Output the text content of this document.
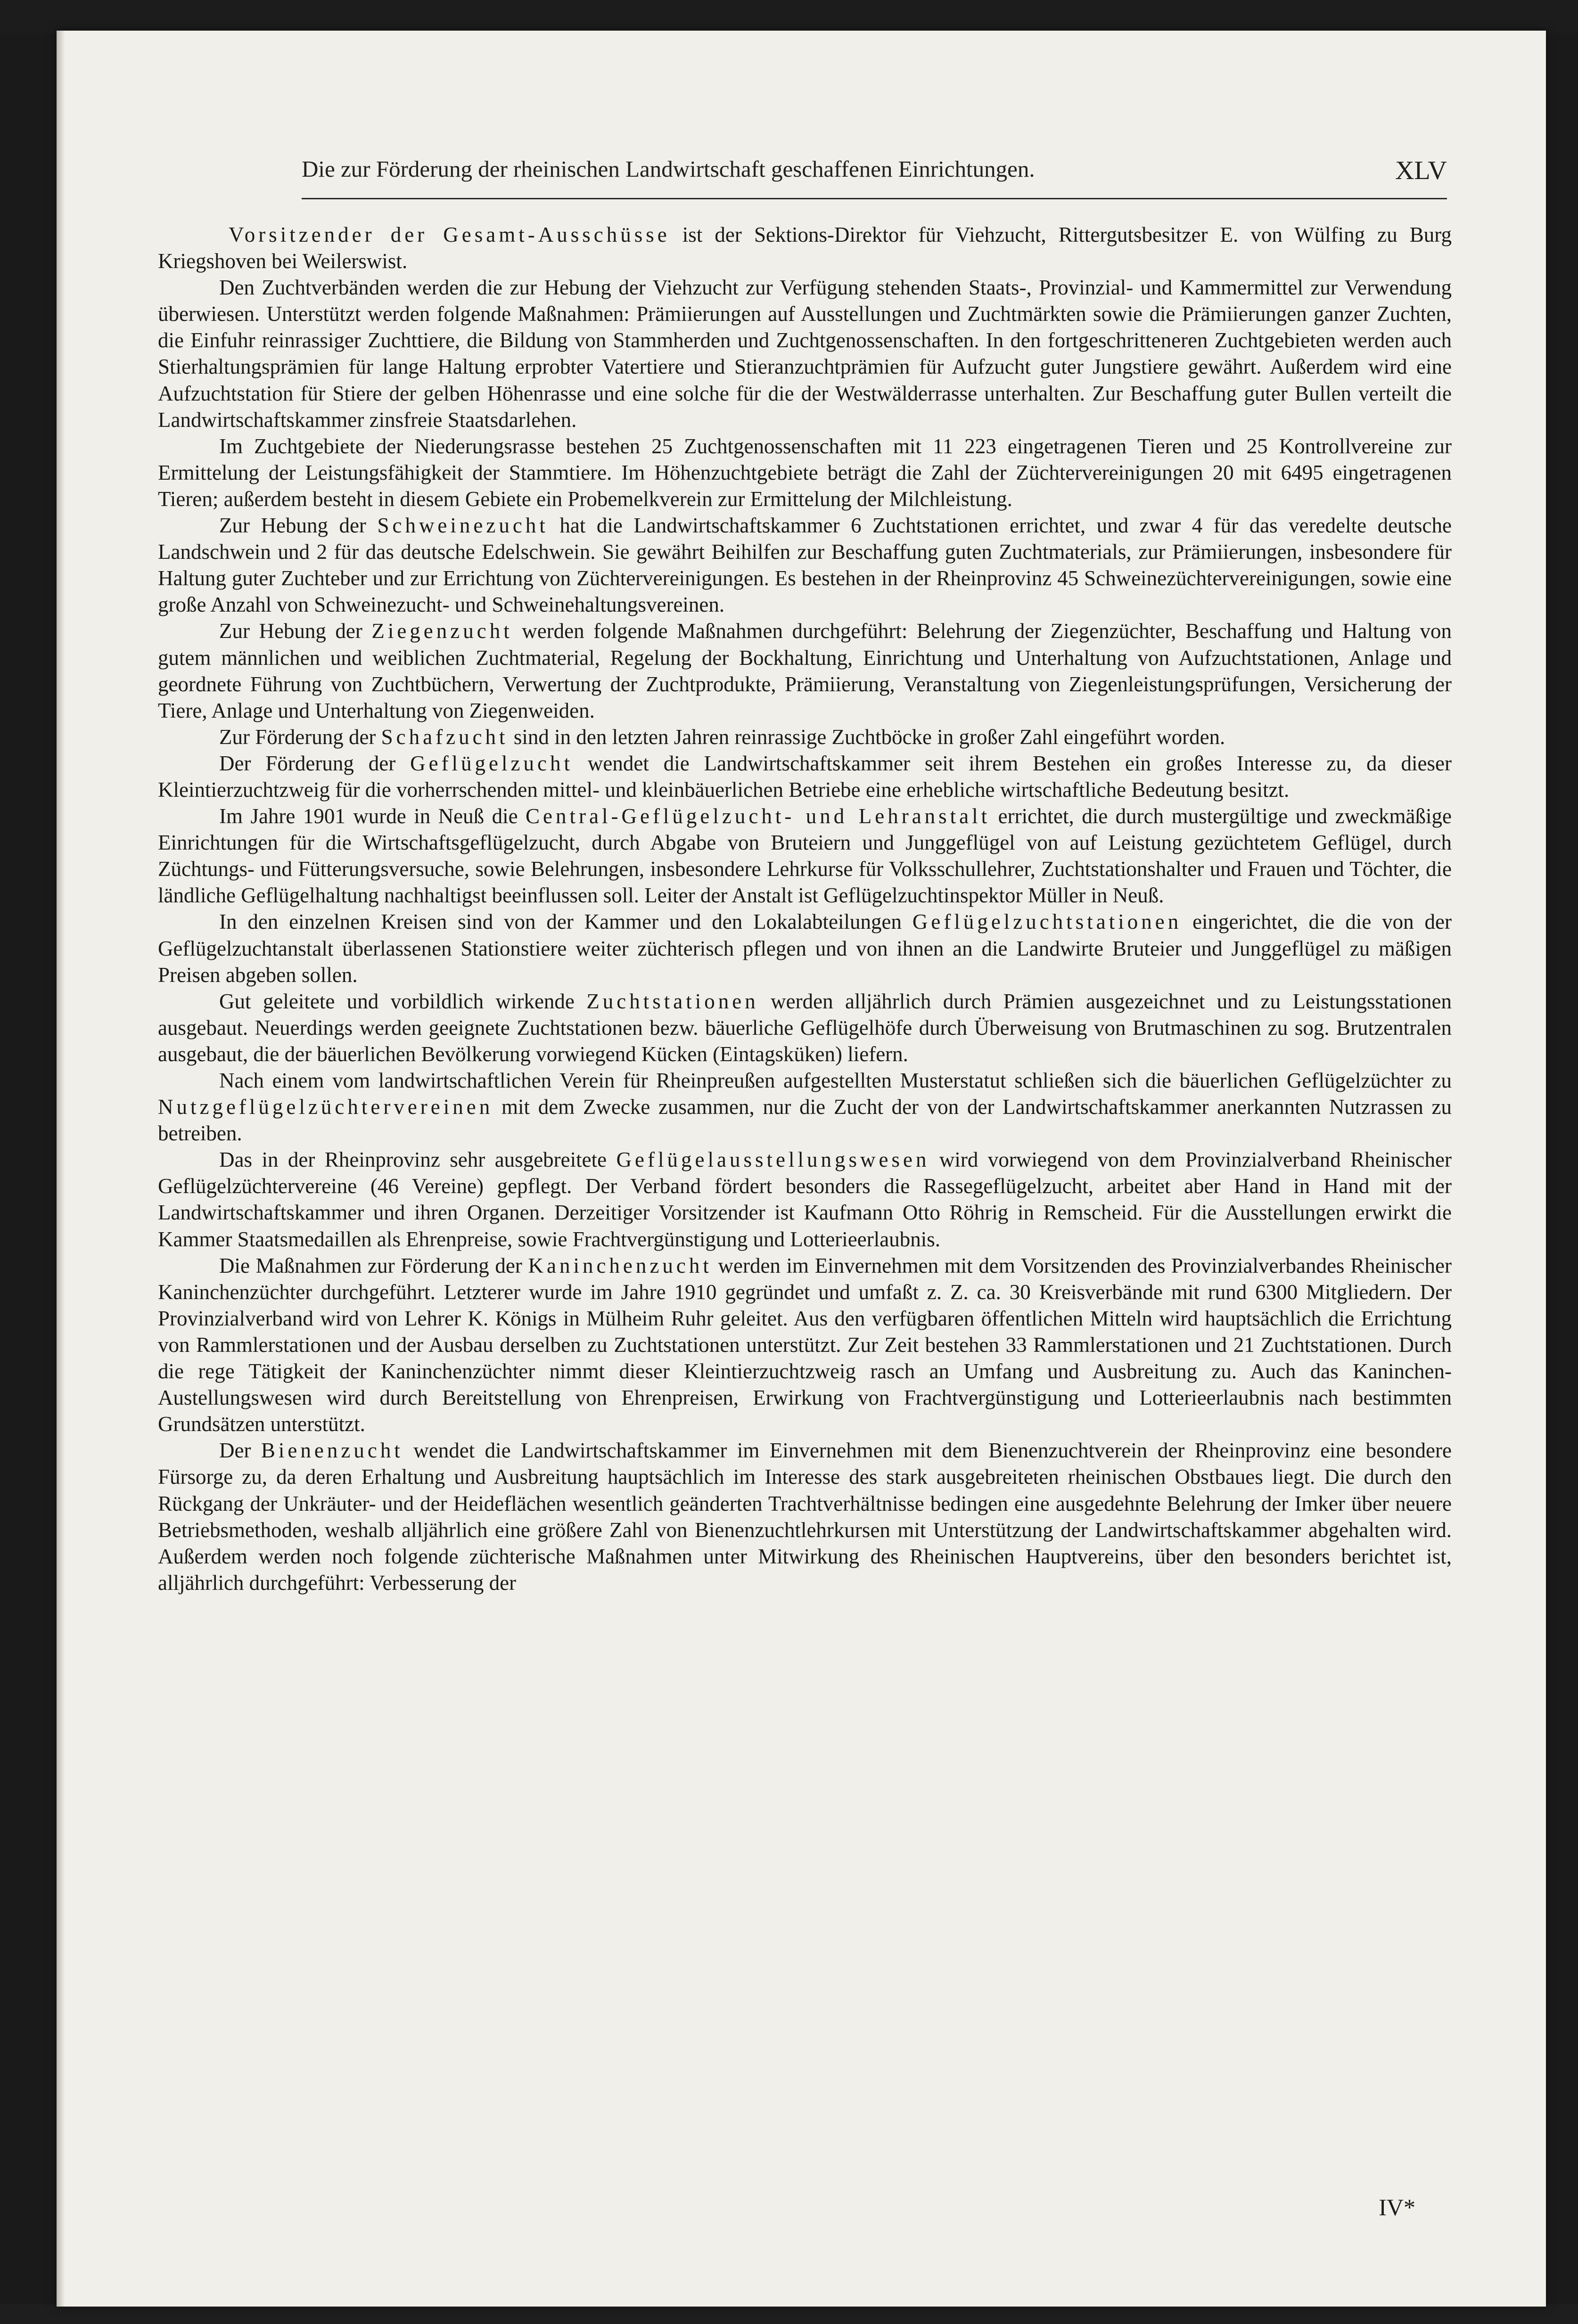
Die zur Förderung der rheinischen Landwirtschaft geschaffenen Einrichtungen.	XLV

Vorsitzender der Gesamt-Ausschüsse ist der Sektions-Direktor für Viehzucht, Rittergutsbesitzer E. von Wülfing zu Burg Kriegshoven bei Weilerswist.

Den Zuchtverbänden werden die zur Hebung der Viehzucht zur Verfügung stehenden Staats-, Provinzial- und Kammermittel zur Verwendung überwiesen. Unterstützt werden folgende Maßnahmen: Prämiierungen auf Ausstellungen und Zuchtmärkten sowie die Prämiierungen ganzer Zuchten, die Einfuhr reinrassiger Zuchttiere, die Bildung von Stammherden und Zuchtgenossenschaften. In den fortgeschritteneren Zuchtgebieten werden auch Stierhaltungsprämien für lange Haltung erprobter Vatertiere und Stieranzuchtprämien für Aufzucht guter Jungstiere gewährt. Außerdem wird eine Aufzuchtstation für Stiere der gelben Höhenrasse und eine solche für die der Westwälderrasse unterhalten. Zur Beschaffung guter Bullen verteilt die Landwirtschaftskammer zinsfreie Staatsdarlehen.

Im Zuchtgebiete der Niederungsrasse bestehen 25 Zuchtgenossenschaften mit 11 223 eingetragenen Tieren und 25 Kontrollvereine zur Ermittelung der Leistungsfähigkeit der Stammtiere. Im Höhenzuchtgebiete beträgt die Zahl der Züchtervereinigungen 20 mit 6495 eingetragenen Tieren; außerdem besteht in diesem Gebiete ein Probemelkverein zur Ermittelung der Milchleistung.

Zur Hebung der Schweinezucht hat die Landwirtschaftskammer 6 Zuchtstationen errichtet, und zwar 4 für das veredelte deutsche Landschwein und 2 für das deutsche Edelschwein. Sie gewährt Beihilfen zur Beschaffung guten Zuchtmaterials, zur Prämiierungen, insbesondere für Haltung guter Zuchteber und zur Errichtung von Züchtervereinigungen. Es bestehen in der Rheinprovinz 45 Schweinezüchtervereinigungen, sowie eine große Anzahl von Schweinezucht- und Schweinehaltungsvereinen.

Zur Hebung der Ziegenzucht werden folgende Maßnahmen durchgeführt: Belehrung der Ziegenzüchter, Beschaffung und Haltung von gutem männlichen und weiblichen Zuchtmaterial, Regelung der Bockhaltung, Einrichtung und Unterhaltung von Aufzuchtstationen, Anlage und geordnete Führung von Zuchtbüchern, Verwertung der Zuchtprodukte, Prämiierung, Veranstaltung von Ziegenleistungsprüfungen, Versicherung der Tiere, Anlage und Unterhaltung von Ziegenweiden.

Zur Förderung der Schafzucht sind in den letzten Jahren reinrassige Zuchtböcke in großer Zahl eingeführt worden.

Der Förderung der Geflügelzucht wendet die Landwirtschaftskammer seit ihrem Bestehen ein großes Interesse zu, da dieser Kleintierzuchtzweig für die vorherrschenden mittel- und kleinbäuerlichen Betriebe eine erhebliche wirtschaftliche Bedeutung besitzt.

Im Jahre 1901 wurde in Neuß die Central-Geflügelzucht- und Lehranstalt errichtet, die durch mustergültige und zweckmäßige Einrichtungen für die Wirtschaftsgeflügelzucht, durch Abgabe von Bruteiern und Junggeflügel von auf Leistung gezüchtetem Geflügel, durch Züchtungs- und Fütterungsversuche, sowie Belehrungen, insbesondere Lehrkurse für Volksschullehrer, Zuchtstationshalter und Frauen und Töchter, die ländliche Geflügelhaltung nachhaltigst beeinflussen soll. Leiter der Anstalt ist Geflügelzuchtinspektor Müller in Neuß.

In den einzelnen Kreisen sind von der Kammer und den Lokalabteilungen Geflügelzuchtstationen eingerichtet, die die von der Geflügelzuchtanstalt überlassenen Stationstiere weiter züchterisch pflegen und von ihnen an die Landwirte Bruteier und Junggeflügel zu mäßigen Preisen abgeben sollen.

Gut geleitete und vorbildlich wirkende Zuchtstationen werden alljährlich durch Prämien ausgezeichnet und zu Leistungsstationen ausgebaut. Neuerdings werden geeignete Zuchtstationen bezw. bäuerliche Geflügelhöfe durch Überweisung von Brutmaschinen zu sog. Brutzentralen ausgebaut, die der bäuerlichen Bevölkerung vorwiegend Kücken (Eintagsküken) liefern.

Nach einem vom landwirtschaftlichen Verein für Rheinpreußen aufgestellten Musterstatut schließen sich die bäuerlichen Geflügelzüchter zu Nutzgeflügelzüchtervereinen mit dem Zwecke zusammen, nur die Zucht der von der Landwirtschaftskammer anerkannten Nutzrassen zu betreiben.

Das in der Rheinprovinz sehr ausgebreitete Geflügelausstellungswesen wird vorwiegend von dem Provinzialverband Rheinischer Geflügelzüchtervereine (46 Vereine) gepflegt. Der Verband fördert besonders die Rassegeflügelzucht, arbeitet aber Hand in Hand mit der Landwirtschaftskammer und ihren Organen. Derzeitiger Vorsitzender ist Kaufmann Otto Röhrig in Remscheid. Für die Ausstellungen erwirkt die Kammer Staatsmedaillen als Ehrenpreise, sowie Frachtvergünstigung und Lotterieerlaubnis.

Die Maßnahmen zur Förderung der Kaninchenzucht werden im Einvernehmen mit dem Vorsitzenden des Provinzialverbandes Rheinischer Kaninchenzüchter durchgeführt. Letzterer wurde im Jahre 1910 gegründet und umfaßt z. Z. ca. 30 Kreisverbände mit rund 6300 Mitgliedern. Der Provinzialverband wird von Lehrer K. Königs in Mülheim Ruhr geleitet. Aus den verfügbaren öffentlichen Mitteln wird hauptsächlich die Errichtung von Rammlerstationen und der Ausbau derselben zu Zuchtstationen unterstützt. Zur Zeit bestehen 33 Rammlerstationen und 21 Zuchtstationen. Durch die rege Tätigkeit der Kaninchenzüchter nimmt dieser Kleintierzuchtzweig rasch an Umfang und Ausbreitung zu. Auch das Kaninchen-Austellungswesen wird durch Bereitstellung von Ehrenpreisen, Erwirkung von Frachtvergünstigung und Lotterieerlaubnis nach bestimmten Grundsätzen unterstützt.

Der Bienenzucht wendet die Landwirtschaftskammer im Einvernehmen mit dem Bienenzuchtverein der Rheinprovinz eine besondere Fürsorge zu, da deren Erhaltung und Ausbreitung hauptsächlich im Interesse des stark ausgebreiteten rheinischen Obstbaues liegt. Die durch den Rückgang der Unkräuter- und der Heideflächen wesentlich geänderten Trachtverhältnisse bedingen eine ausgedehnte Belehrung der Imker über neuere Betriebsmethoden, weshalb alljährlich eine größere Zahl von Bienenzuchtlehrkursen mit Unterstützung der Landwirtschaftskammer abgehalten wird. Außerdem werden noch folgende züchterische Maßnahmen unter Mitwirkung des Rheinischen Hauptvereins, über den besonders berichtet ist, alljährlich durchgeführt: Verbesserung der

IV*
